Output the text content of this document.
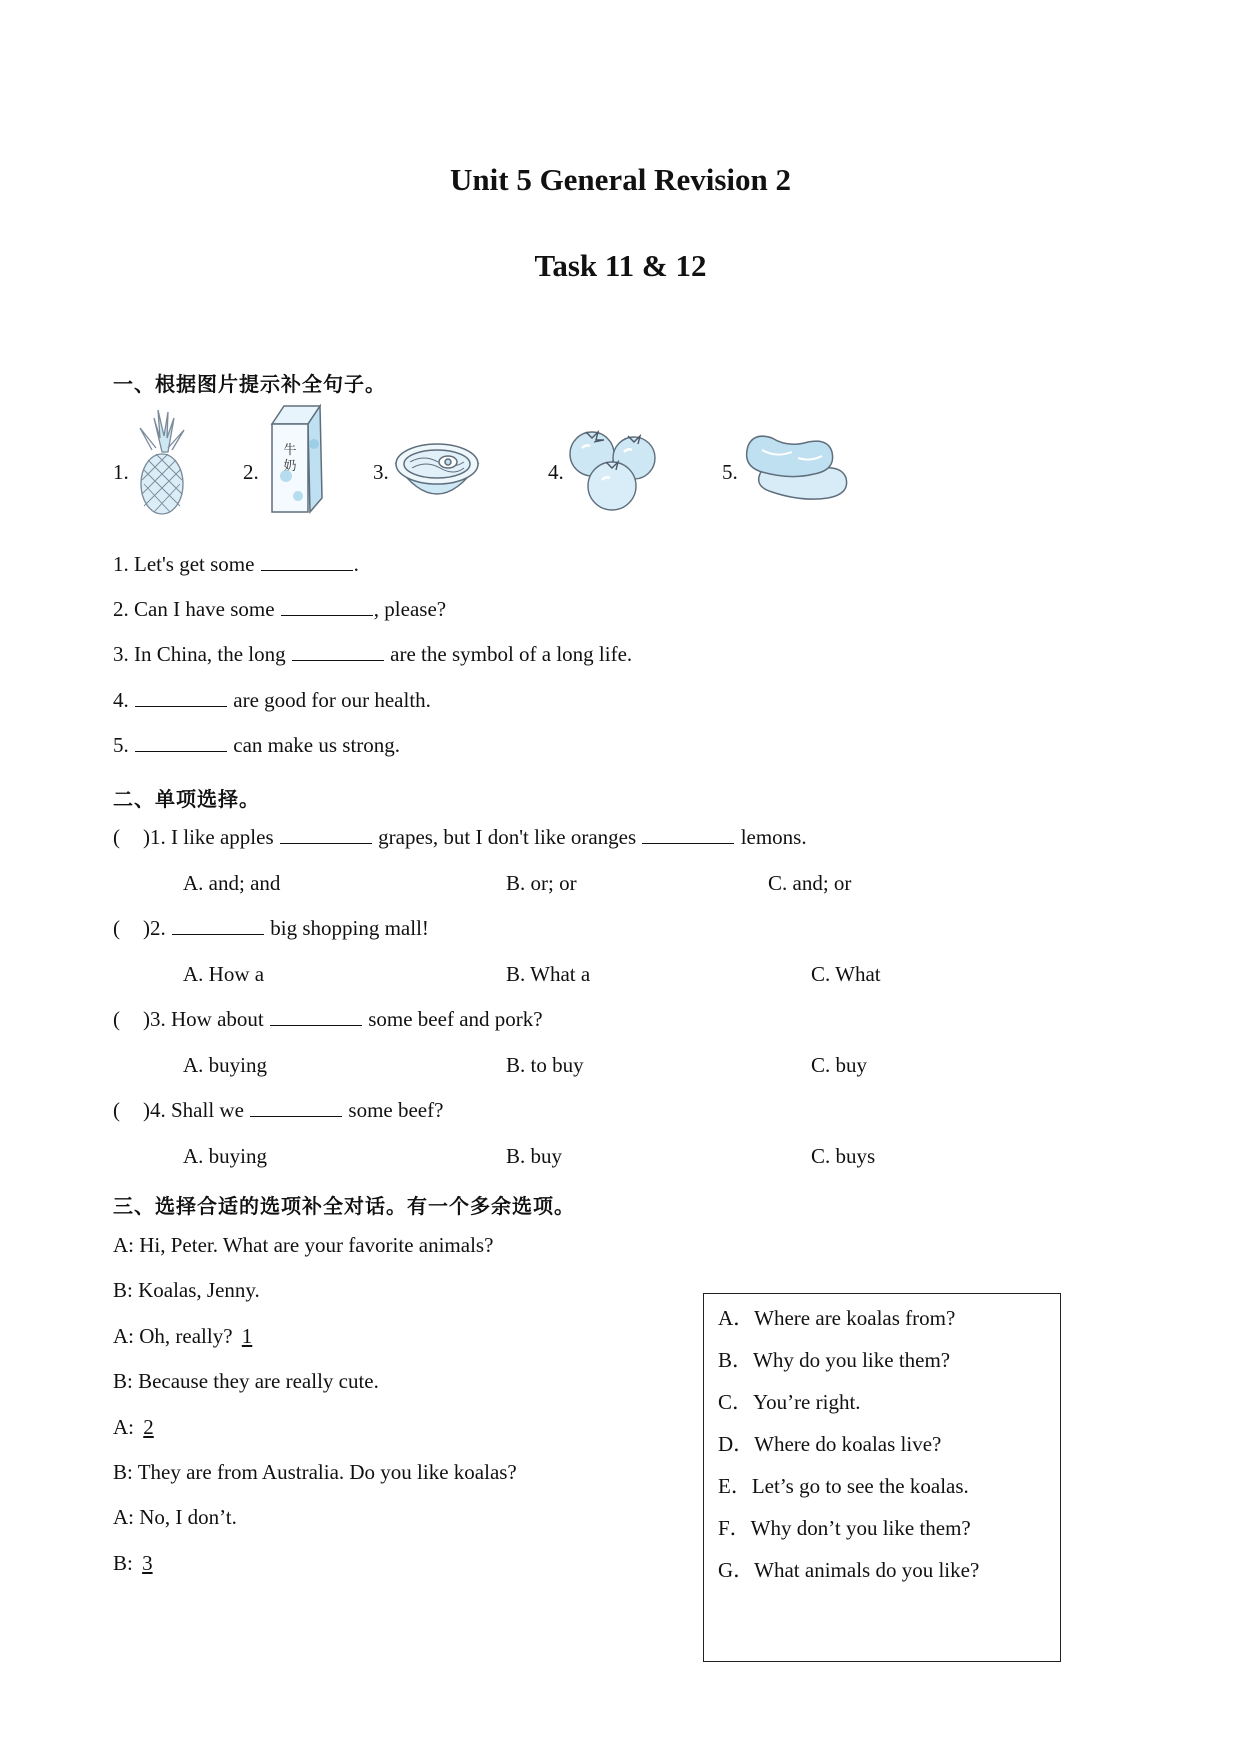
Unit 5 General Revision 2
Task 11 & 12
一、根据图片提示补全句子。
1.	2.
牛
奶	3.	4.	5.
1. Let's get some	.
2. Can I have some	, please?
3. In China, the long	are the symbol of a long life.
4.	are good for our health.
5.	can make us strong.
二、单项选择。
( )1. I like apples	grapes, but I don't like oranges	lemons.
A. and; and	B. or; or	C. and; or
( )2.	big shopping mall!
A. How a	B. What a	C. What
( )3. How about	some beef and pork?
A. buying	B. to buy	C. buy
( )4. Shall we	some beef?
A. buying	B. buy	C. buys
三、选择合适的选项补全对话。有一个多余选项。
A: Hi, Peter. What are your favorite animals?
B: Koalas, Jenny.
A: Oh, really? 1
B: Because they are really cute.
A: 2
B: They are from Australia. Do you like koalas?
A: No, I don’t.
B: 3
A．Where are koalas from?
B．Why do you like them?
C．You’re right.
D．Where do koalas live?
E．Let’s go to see the koalas.
F．Why don’t you like them?
G．What animals do you like?
